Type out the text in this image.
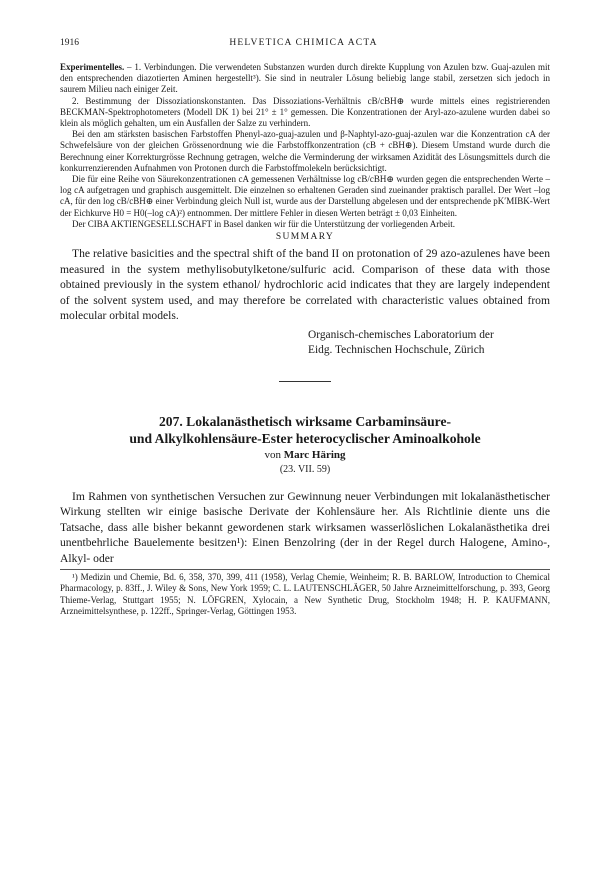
1916	HELVETICA CHIMICA ACTA

Experimentelles. – 1. Verbindungen. Die verwendeten Substanzen wurden durch direkte Kupplung von Azulen bzw. Guaj-azulen mit den entsprechenden diazotierten Aminen hergestellt³). Sie sind in neutraler Lösung beliebig lange stabil, zersetzen sich jedoch in saurem Milieu nach einiger Zeit.

2. Bestimmung der Dissoziationskonstanten. Das Dissoziations-Verhältnis cB/cBH⊕ wurde mittels eines registrierenden BECKMAN-Spektrophotometers (Modell DK 1) bei 21° ± 1° gemessen. Die Konzentrationen der Aryl-azo-azulene wurden dabei so klein als möglich gehalten, um ein Ausfallen der Salze zu verhindern.

Bei den am stärksten basischen Farbstoffen Phenyl-azo-guaj-azulen und β-Naphtyl-azo-guaj-azulen war die Konzentration cA der Schwefelsäure von der gleichen Grössenordnung wie die Farbstoffkonzentration (cB + cBH⊕). Diesem Umstand wurde durch die Berechnung einer Korrekturgrösse Rechnung getragen, welche die Verminderung der wirksamen Azidität des Lösungsmittels durch die konkurrenzierenden Aufnahmen von Protonen durch die Farbstoffmolekeln berücksichtigt.

Die für eine Reihe von Säurekonzentrationen cA gemessenen Verhältnisse log cB/cBH⊕ wurden gegen die entsprechenden Werte –log cA aufgetragen und graphisch ausgemittelt. Die einzelnen so erhaltenen Geraden sind zueinander praktisch parallel. Der Wert –log cA, für den log cB/cBH⊕ einer Verbindung gleich Null ist, wurde aus der Darstellung abgelesen und der entsprechende pK′MIBK-Wert der Eichkurve H0 = H0(–log cA)²) entnommen. Der mittlere Fehler in diesen Werten beträgt ± 0,03 Einheiten.

Der CIBA AKTIENGESELLSCHAFT in Basel danken wir für die Unterstützung der vorliegenden Arbeit.

SUMMARY

The relative basicities and the spectral shift of the band II on protonation of 29 azo-azulenes have been measured in the system methylisobutylketone/sulfuric acid. Comparison of these data with those obtained previously in the system ethanol/ hydrochloric acid indicates that they are largely independent of the solvent system used, and may therefore be correlated with characteristic values obtained from molecular orbital models.

Organisch-chemisches Laboratorium der
Eidg. Technischen Hochschule, Zürich
207. Lokalanästhetisch wirksame Carbaminsäure-
und Alkylkohlensäure-Ester heterocyclischer Aminoalkohole
von Marc Häring
(23. VII. 59)

Im Rahmen von synthetischen Versuchen zur Gewinnung neuer Verbindungen mit lokalanästhetischer Wirkung stellten wir einige basische Derivate der Kohlensäure her. Als Richtlinie diente uns die Tatsache, dass alle bisher bekannt gewordenen stark wirksamen wasserlöslichen Lokalanästhetika drei unentbehrliche Bauelemente besitzen¹): Einen Benzolring (der in der Regel durch Halogene, Amino-, Alkyl- oder

¹) Medizin und Chemie, Bd. 6, 358, 370, 399, 411 (1958), Verlag Chemie, Weinheim; R. B. BARLOW, Introduction to Chemical Pharmacology, p. 83ff., J. Wiley & Sons, New York 1959; C. L. LAUTENSCHLÄGER, 50 Jahre Arzneimittelforschung, p. 393, Georg Thieme-Verlag, Stuttgart 1955; N. LÖFGREN, Xylocain, a New Synthetic Drug, Stockholm 1948; H. P. KAUFMANN, Arzneimittelsynthese, p. 122ff., Springer-Verlag, Göttingen 1953.
